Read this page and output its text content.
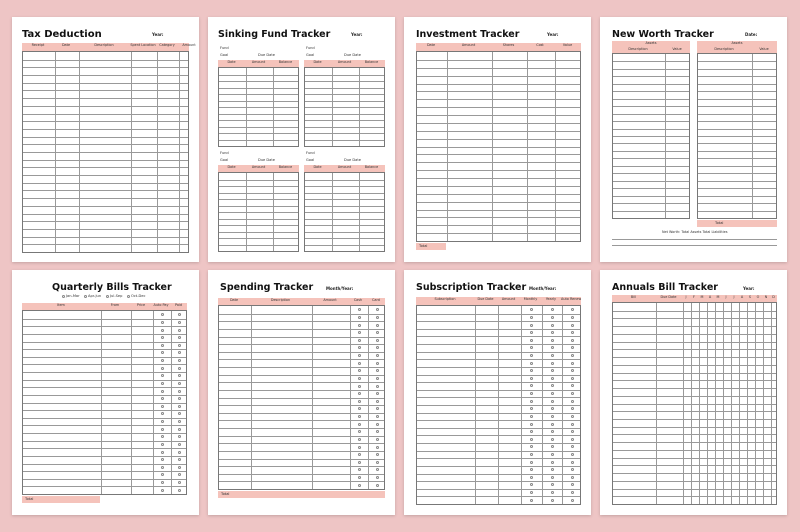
Tax Deduction	Year:
Receipt	Date	Description	Spent Location	Category	Amount
Sinking Fund Tracker	Year:
Fund
Goal	Due Date
Date	Amount	Balance
Fund
Goal	Due Date
Date	Amount	Balance
Fund
Goal	Due Date
Date	Amount	Balance
Fund
Goal	Due Date
Date	Amount	Balance
Investment Tracker	Year:
Date	Amount	Shares	Cost	Value
Total
New Worth Tracker	Date:
Assets
Description	Value
Assets
Description	Value
Total
Net Worth: Total Assets Total Liabilities
Quarterly Bills Tracker
Jan-Mar Apr-Jun Jul-Sep Oct-Dec
Item	From	Price	Auto Pay	Paid
Total
Spending Tracker	Month/Year:
Date	Description	Amount	Cash	Card
Total
Subscription Tracker Month/Year:
Subscription	Due Date	Amount	Monthly	Yearly	Auto Renew
Annuals Bill Tracker	Year:
Bill	Due Date	J	F	M	A	M	J	J	A	S	O	N	D
